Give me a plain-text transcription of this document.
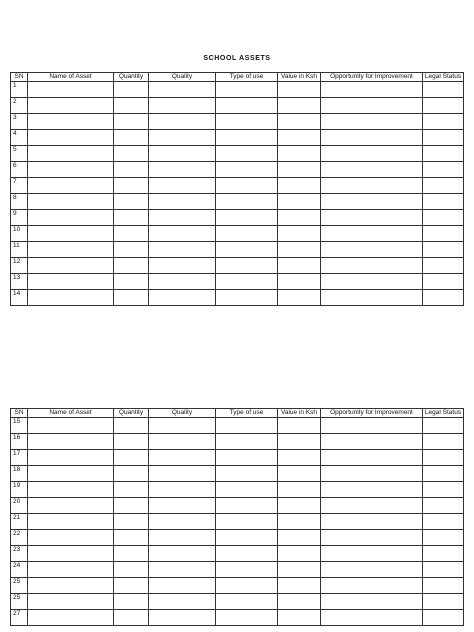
SCHOOL ASSETS
SN	Name of Asset	Quantity	Quality	Type of use	Value in Ksh	Opportunity for Improvement	Legal Status
1							
2							
3							
4							
5							
6							
7							
8							
9							
10							
11							
12							
13							
14							
SN	Name of Asset	Quantity	Quality	Type of use	Value in Ksh	Opportunity for Improvement	Legal Status
15							
16							
17							
18							
19							
20							
21							
22							
23							
24							
25							
25							
27							
